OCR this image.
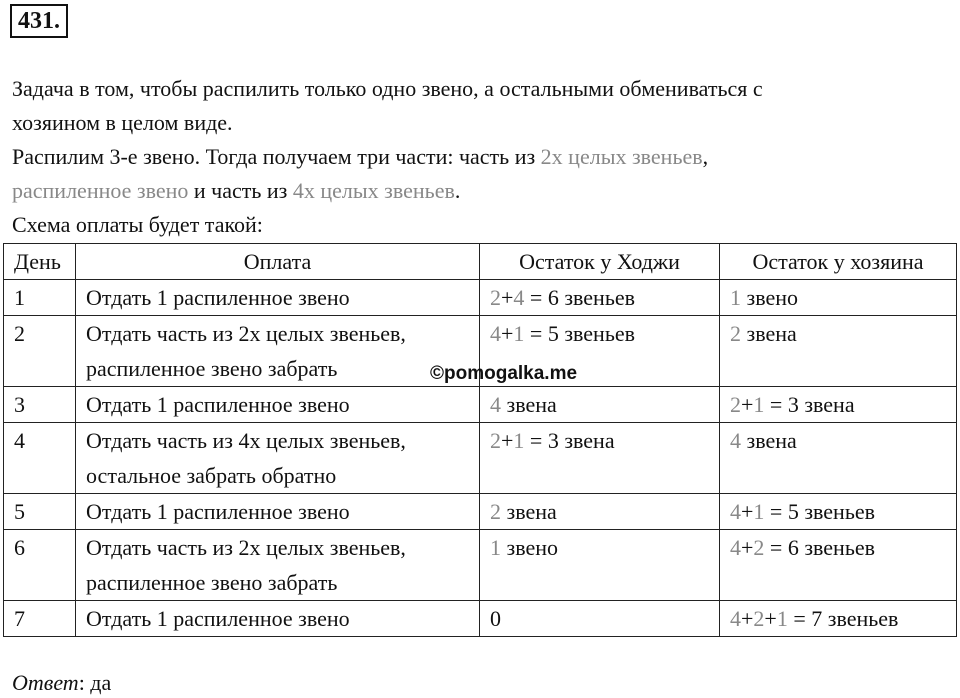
431.

Задача в том, чтобы распилить только одно звено, а остальными обмениваться с

хозяином в целом виде.

Распилим 3-е звено. Тогда получаем три части: часть из 2х целых звеньев,

распиленное звено и часть из 4х целых звеньев.

Схема оплаты будет такой:

День	Оплата	Остаток у Ходжи	Остаток у хозяина
1	Отдать 1 распиленное звено	2+4 = 6 звеньев	1 звено
2	Отдать часть из 2х целых звеньев,
распиленное звено забрать	4+1 = 5 звеньев	2 звена
3	Отдать 1 распиленное звено	4 звена	2+1 = 3 звена
4	Отдать часть из 4х целых звеньев,
остальное забрать обратно	2+1 = 3 звена	4 звена
5	Отдать 1 распиленное звено	2 звена	4+1 = 5 звеньев
6	Отдать часть из 2х целых звеньев,
распиленное звено забрать	1 звено	4+2 = 6 звеньев
7	Отдать 1 распиленное звено	0	4+2+1 = 7 звеньев
©pomogalka.me

Ответ: да
